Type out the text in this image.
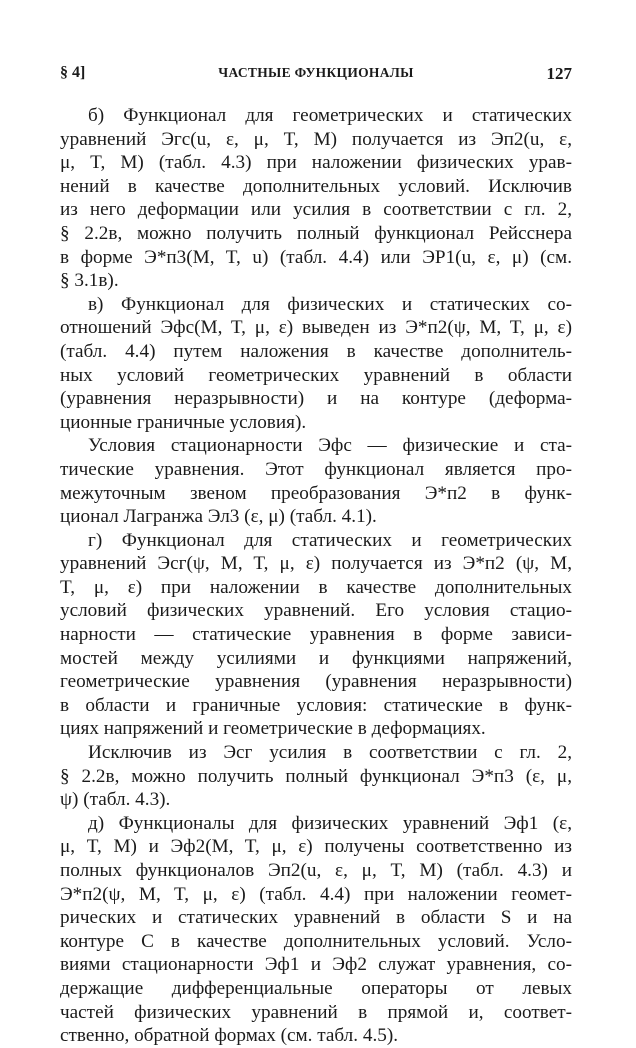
§ 4]	ЧАСТНЫЕ ФУНКЦИОНАЛЫ	127
б) Функционал для геометрических и статических
уравнений Эгс(u, ε, μ, T, M) получается из Эп2(u, ε,
μ, T, M) (табл. 4.3) при наложении физических урав-
нений в качестве дополнительных условий. Исключив
из него деформации или усилия в соответствии с гл. 2,
§ 2.2в, можно получить полный функционал Рейсснера
в форме Э*п3(M, T, u) (табл. 4.4) или ЭP1(u, ε, μ) (см.
§ 3.1в).
в) Функционал для физических и статических со-
отношений Эфс(M, T, μ, ε) выведен из Э*п2(ψ, M, T, μ, ε)
(табл. 4.4) путем наложения в качестве дополнитель-
ных условий геометрических уравнений в области
(уравнения неразрывности) и на контуре (деформа-
ционные граничные условия).
Условия стационарности Эфс — физические и ста-
тические уравнения. Этот функционал является про-
межуточным звеном преобразования Э*п2 в функ-
ционал Лагранжа Эл3 (ε, μ) (табл. 4.1).
г) Функционал для статических и геометрических
уравнений Эсг(ψ, M, T, μ, ε) получается из Э*п2 (ψ, M,
T, μ, ε) при наложении в качестве дополнительных
условий физических уравнений. Его условия стацио-
нарности — статические уравнения в форме зависи-
мостей между усилиями и функциями напряжений,
геометрические уравнения (уравнения неразрывности)
в области и граничные условия: статические в функ-
циях напряжений и геометрические в деформациях.
Исключив из Эсг усилия в соответствии с гл. 2,
§ 2.2в, можно получить полный функционал Э*п3 (ε, μ,
ψ) (табл. 4.3).
д) Функционалы для физических уравнений Эф1 (ε,
μ, T, M) и Эф2(M, T, μ, ε) получены соответственно из
полных функционалов Эп2(u, ε, μ, T, M) (табл. 4.3) и
Э*п2(ψ, M, T, μ, ε) (табл. 4.4) при наложении геомет-
рических и статических уравнений в области S и на
контуре C в качестве дополнительных условий. Усло-
виями стационарности Эф1 и Эф2 служат уравнения, со-
держащие дифференциальные операторы от левых
частей физических уравнений в прямой и, соответ-
ственно, обратной формах (см. табл. 4.5).
